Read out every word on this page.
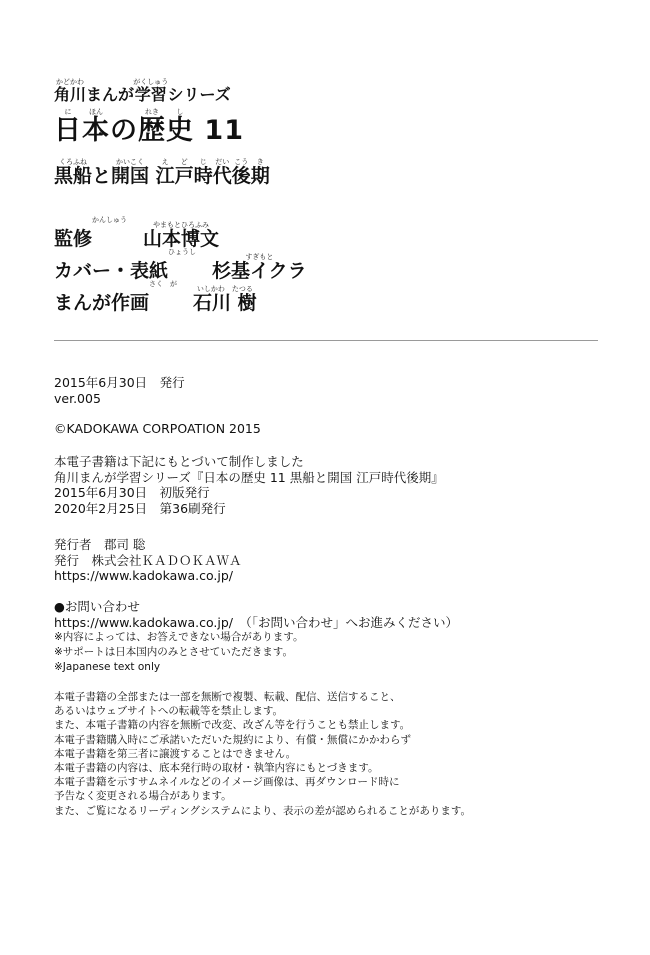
角川かどかわまんが学習がくしゅうシリーズ
日に本ほんの歴れき史し 11
黒船くろふねと開国かいこく 江え戸ど時じ代だい後こう期き
監修かんしゅう山本博文やまもとひろふみ
カバー・表紙ひょうし杉基イクラすぎもと
まんが作画さく　が石川 樹いしかわ　たつる
2015年6月30日　発行
ver.005
©KADOKAWA CORPOATION 2015
本電子書籍は下記にもとづいて制作しました
角川まんが学習シリーズ『日本の歴史 11 黒船と開国 江戸時代後期』
2015年6月30日　初版発行
2020年2月25日　第36刷発行
発行者　郡司 聡
発行　株式会社ＫＡＤＯＫＡＷＡ
https://www.kadokawa.co.jp/
●お問い合わせ
https://www.kadokawa.co.jp/　（「お問い合わせ」へお進みください）
※内容によっては、お答えできない場合があります。
※サポートは日本国内のみとさせていただきます。
※Japanese text only
本電子書籍の全部または一部を無断で複製、転載、配信、送信すること、
あるいはウェブサイトへの転載等を禁止します。
また、本電子書籍の内容を無断で改変、改ざん等を行うことも禁止します。
本電子書籍購入時にご承諾いただいた規約により、有償・無償にかかわらず
本電子書籍を第三者に譲渡することはできません。
本電子書籍の内容は、底本発行時の取材・執筆内容にもとづきます。
本電子書籍を示すサムネイルなどのイメージ画像は、再ダウンロード時に
予告なく変更される場合があります。
また、ご覧になるリーディングシステムにより、表示の差が認められることがあります。
